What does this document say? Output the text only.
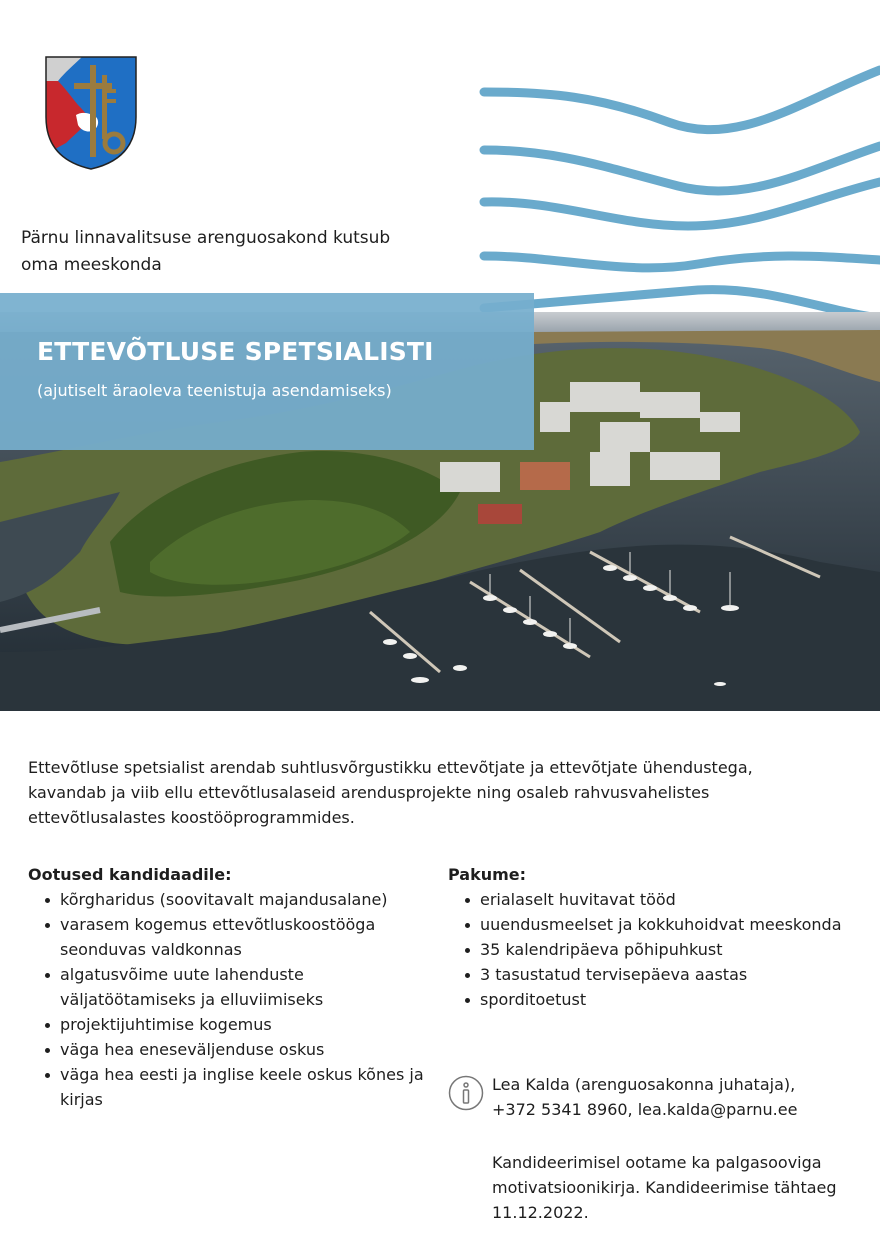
Pärnu linnavalitsuse arenguosakond kutsub
oma meeskonda
ETTEVÕTLUSE SPETSIALISTI
(ajutiselt äraoleva teenistuja asendamiseks)

Ettevõtluse spetsialist arendab suhtlusvõrgustikku ettevõtjate ja ettevõtjate ühendustega, kavandab ja viib ellu ettevõtlusalaseid arendusprojekte ning osaleb rahvusvahelistes ettevõtlusalastes koostööprogrammides.

Ootused kandidaadile:
kõrgharidus (soovitavalt majandusalane)
varasem kogemus ettevõtluskoostööga seonduvas valdkonnas
algatusvõime uute lahenduste väljatöötamiseks ja elluviimiseks
projektijuhtimise kogemus
väga hea eneseväljenduse oskus
väga hea eesti ja inglise keele oskus kõnes ja kirjas
Pakume:
erialaselt huvitavat tööd
uuendusmeelset ja kokkuhoidvat meeskonda
35 kalendripäeva põhipuhkust
3 tasustatud tervisepäeva aastas
sporditoetust
Lea Kalda (arenguosakonna juhataja),
+372 5341 8960, lea.kalda@parnu.ee
Kandideerimisel ootame ka palgasooviga motivatsioonikirja. Kandideerimise tähtaeg 11.12.2022.
